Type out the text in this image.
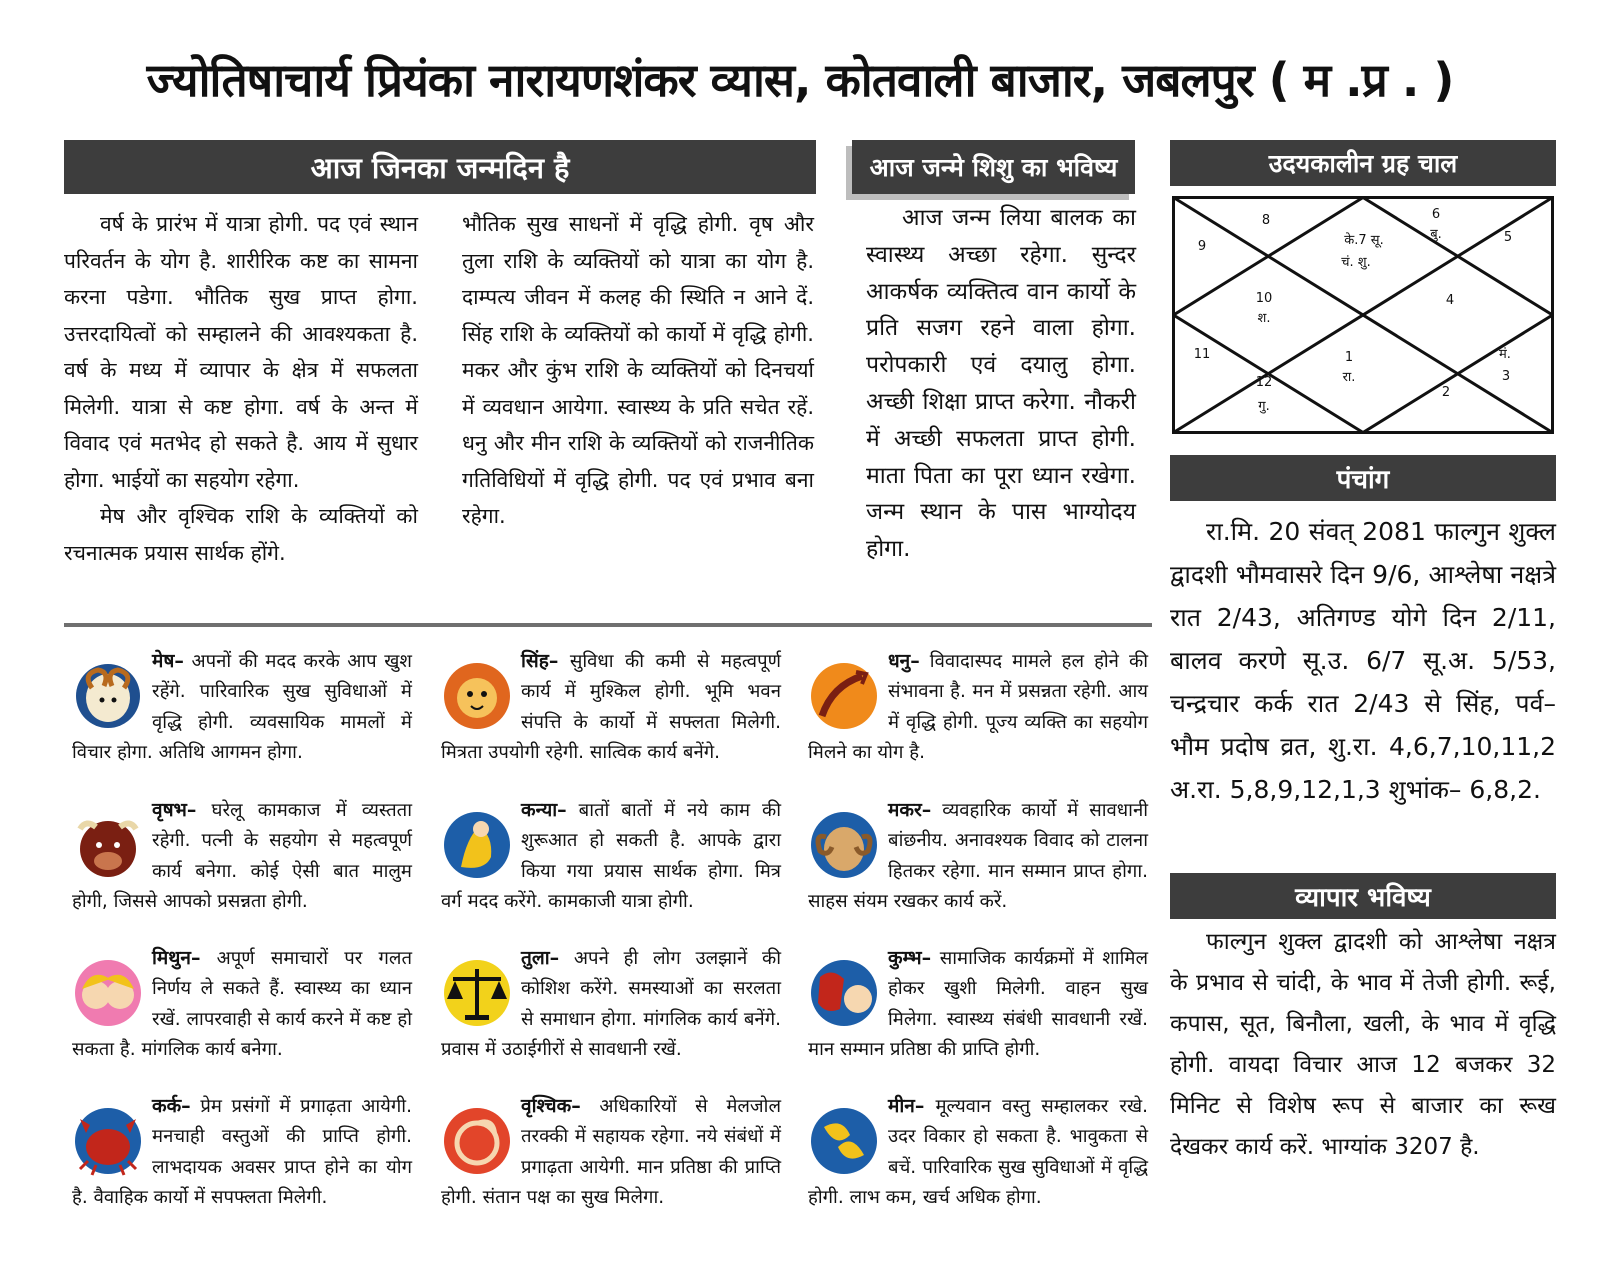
ज्योतिषाचार्य प्रियंका नारायणशंकर व्यास, कोतवाली बाजार, जबलपुर ( म .प्र . )
आज जिनका जन्मदिन है	आज जन्मे शिशु का भविष्य	उदयकालीन ग्रह चाल
पंचांग
व्यापार भविष्य

वर्ष के प्रारंभ में यात्रा होगी. पद एवं स्थान परिवर्तन के योग है. शारीरिक कष्ट का सामना करना पडेगा. भौतिक सुख प्राप्त होगा. उत्तरदायित्वों को सम्हालने की आवश्यकता है. वर्ष के मध्य में व्यापार के क्षेत्र में सफलता मिलेगी. यात्रा से कष्ट होगा. वर्ष के अन्त में विवाद एवं मतभेद हो सकते है. आय में सुधार होगा. भाईयों का सहयोग रहेगा.

मेष और वृश्चिक राशि के व्यक्तियों को रचनात्मक प्रयास सार्थक होंगे.

भौतिक सुख साधनों में वृद्धि होगी. वृष और तुला राशि के व्यक्तियों को यात्रा का योग है. दाम्पत्य जीवन में कलह की स्थिति न आने दें. सिंह राशि के व्यक्तियों को कार्यो में वृद्धि होगी. मकर और कुंभ राशि के व्यक्तियों को दिनचर्या में व्यवधान आयेगा. स्वास्थ्य के प्रति सचेत रहें. धनु और मीन राशि के व्यक्तियों को राजनीतिक गतिविधियों में वृद्धि होगी. पद एवं प्रभाव बना रहेगा.

आज जन्म लिया बालक का स्वास्थ्य अच्छा रहेगा. सुन्दर आकर्षक व्यक्तित्व वान कार्यो के प्रति सजग रहने वाला होगा. परोपकारी एवं दयालु होगा. अच्छी शिक्षा प्राप्त करेगा. नौकरी में अच्छी सफलता प्राप्त होगी. माता पिता का पूरा ध्यान रखेगा. जन्म स्थान के पास भाग्योदय होगा.

8	6
बु.
के.7 सू.
चं. शु.
9
5
10
श.
4
11	1
रा.
मं.
3
12
गु.
2

रा.मि. 20 संवत् 2081 फाल्गुन शुक्ल द्वादशी भौमवासरे दिन 9/6, आश्लेषा नक्षत्रे रात 2/43, अतिगण्ड योगे दिन 2/11, बालव करणे सू.उ. 6/7 सू.अ. 5/53, चन्द्रचार कर्क रात 2/43 से सिंह, पर्व– भौम प्रदोष व्रत, शु.रा. 4,6,7,10,11,2 अ.रा. 5,8,9,12,1,3 शुभांक– 6,8,2.

फाल्गुन शुक्ल द्वादशी को आश्लेषा नक्षत्र के प्रभाव से चांदी, के भाव में तेजी होगी. रूई, कपास, सूत, बिनौला, खली, के भाव में वृद्धि होगी. वायदा विचार आज 12 बजकर 32 मिनिट से विशेष रूप से बाजार का रूख देखकर कार्य करें. भाग्यांक 3207 है.

मेष– अपनों की मदद करके आप खुश रहेंगे. पारिवारिक सुख सुविधाओं में वृद्धि होगी. व्यवसायिक मामलों में विचार होगा. अतिथि आगमन होगा.
वृषभ– घरेलू कामकाज में व्यस्तता रहेगी. पत्नी के सहयोग से महत्वपूर्ण कार्य बनेगा. कोई ऐसी बात मालुम होगी, जिससे आपको प्रसन्नता होगी.
मिथुन– अपूर्ण समाचारों पर गलत निर्णय ले सकते हैं. स्वास्थ्य का ध्यान रखें. लापरवाही से कार्य करने में कष्ट हो सकता है. मांगलिक कार्य बनेगा.
कर्क– प्रेम प्रसंगों में प्रगाढ़ता आयेगी. मनचाही वस्तुओं की प्राप्ति होगी. लाभदायक अवसर प्राप्त होने का योग है. वैवाहिक कार्यो में सपफ्लता मिलेगी.
सिंह– सुविधा की कमी से महत्वपूर्ण कार्य में मुश्किल होगी. भूमि भवन संपत्ति के कार्यो में सफ्लता मिलेगी. मित्रता उपयोगी रहेगी. सात्विक कार्य बनेंगे.
कन्या– बातों बातों में नये काम की शुरूआत हो सकती है. आपके द्वारा किया गया प्रयास सार्थक होगा. मित्र वर्ग मदद करेंगे. कामकाजी यात्रा होगी.
तुला– अपने ही लोग उलझानें की कोशिश करेंगे. समस्याओं का सरलता से समाधान होगा. मांगलिक कार्य बनेंगे. प्रवास में उठाईगीरों से सावधानी रखें.
वृश्चिक– अधिकारियों से मेलजोल तरक्की में सहायक रहेगा. नये संबंधों में प्रगाढ़ता आयेगी. मान प्रतिष्ठा की प्राप्ति होगी. संतान पक्ष का सुख मिलेगा.
धनु– विवादास्पद मामले हल होने की संभावना है. मन में प्रसन्नता रहेगी. आय में वृद्धि होगी. पूज्य व्यक्ति का सहयोग मिलने का योग है.
मकर– व्यवहारिक कार्यो में सावधानी बांछनीय. अनावश्यक विवाद को टालना हितकर रहेगा. मान सम्मान प्राप्त होगा. साहस संयम रखकर कार्य करें.
कुम्भ– सामाजिक कार्यक्रमों में शामिल होकर खुशी मिलेगी. वाहन सुख मिलेगा. स्वास्थ्य संबंधी सावधानी रखें. मान सम्मान प्रतिष्ठा की प्राप्ति होगी.
मीन– मूल्यवान वस्तु सम्हालकर रखे. उदर विकार हो सकता है. भावुकता से बचें. पारिवारिक सुख सुविधाओं में वृद्धि होगी. लाभ कम, खर्च अधिक होगा.
